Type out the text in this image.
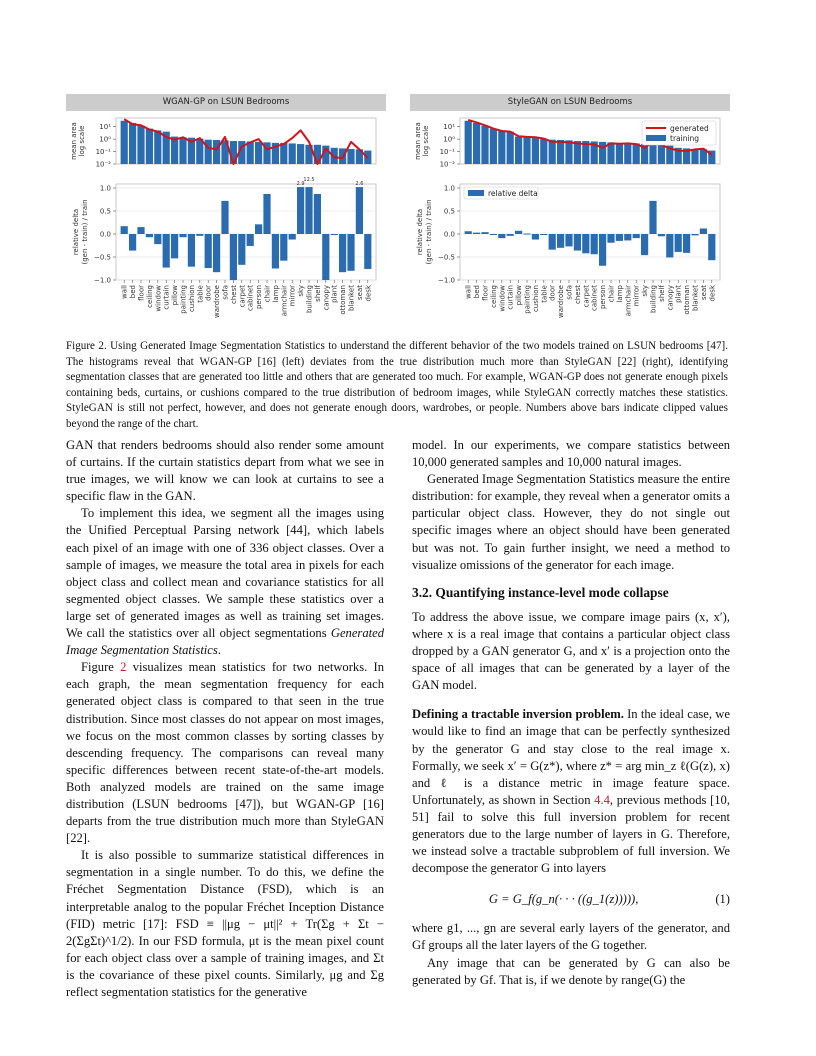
WGAN-GP on LSUN Bedrooms
10¹
10⁰
10⁻¹
10⁻²
mean area log scale
1.0
0.5
0.0
−0.5
−1.0
relative delta (gen - train) / train
2.9
12.5
2.6
wall bed floor ceiling window curtain pillow painting cushion table door wardrobe sofa chest carpet cabinet person chair lamp armchair mirror sky building shelf canopy plant ottoman blanket seat desk
StyleGAN on LSUN Bedrooms
10¹
10⁰
10⁻¹
10⁻²
mean area log scale	generated
training
1.0
0.5
0.0
−0.5
−1.0
relative delta (gen - train) / train
relative delta
wall bed floor ceiling window curtain pillow painting cushion table door wardrobe sofa chest carpet cabinet person chair lamp armchair mirror sky building shelf canopy plant ottoman blanket seat desk
Figure 2. Using Generated Image Segmentation Statistics to understand the different behavior of the two models trained on LSUN bedrooms [47]. The histograms reveal that WGAN-GP [16] (left) deviates from the true distribution much more than StyleGAN [22] (right), identifying segmentation classes that are generated too little and others that are generated too much. For example, WGAN-GP does not generate enough pixels containing beds, curtains, or cushions compared to the true distribution of bedroom images, while StyleGAN correctly matches these statistics. StyleGAN is still not perfect, however, and does not generate enough doors, wardrobes, or people. Numbers above bars indicate clipped values beyond the range of the chart.

GAN that renders bedrooms should also render some amount of curtains. If the curtain statistics depart from what we see in true images, we will know we can look at curtains to see a specific flaw in the GAN.

To implement this idea, we segment all the images using the Unified Perceptual Parsing network [44], which labels each pixel of an image with one of 336 object classes. Over a sample of images, we measure the total area in pixels for each object class and collect mean and covariance statistics for all segmented object classes. We sample these statistics over a large set of generated images as well as training set images. We call the statistics over all object segmentations Generated Image Segmentation Statistics.

Figure 2 visualizes mean statistics for two networks. In each graph, the mean segmentation frequency for each generated object class is compared to that seen in the true distribution. Since most classes do not appear on most images, we focus on the most common classes by sorting classes by descending frequency. The comparisons can reveal many specific differences between recent state-of-the-art models. Both analyzed models are trained on the same image distribution (LSUN bedrooms [47]), but WGAN-GP [16] departs from the true distribution much more than StyleGAN [22].

It is also possible to summarize statistical differences in segmentation in a single number. To do this, we define the Fréchet Segmentation Distance (FSD), which is an interpretable analog to the popular Fréchet Inception Distance (FID) metric [17]: FSD ≡ ||μg − μt||² + Tr(Σg + Σt − 2(ΣgΣt)^1/2). In our FSD formula, μt is the mean pixel count for each object class over a sample of training images, and Σt is the covariance of these pixel counts. Similarly, μg and Σg reflect segmentation statistics for the generative

model. In our experiments, we compare statistics between 10,000 generated samples and 10,000 natural images.

Generated Image Segmentation Statistics measure the entire distribution: for example, they reveal when a generator omits a particular object class. However, they do not single out specific images where an object should have been generated but was not. To gain further insight, we need a method to visualize omissions of the generator for each image.

3.2. Quantifying instance-level mode collapse

To address the above issue, we compare image pairs (x, x′), where x is a real image that contains a particular object class dropped by a GAN generator G, and x′ is a projection onto the space of all images that can be generated by a layer of the GAN model.

Defining a tractable inversion problem. In the ideal case, we would like to find an image that can be perfectly synthesized by the generator G and stay close to the real image x. Formally, we seek x′ = G(z*), where z* = arg min_z ℓ(G(z), x) and ℓ is a distance metric in image feature space. Unfortunately, as shown in Section 4.4, previous methods [10, 51] fail to solve this full inversion problem for recent generators due to the large number of layers in G. Therefore, we instead solve a tractable subproblem of full inversion. We decompose the generator G into layers

G = G_f(g_n(· · · ((g_1(z))))),	(1)

where g1, ..., gn are several early layers of the generator, and Gf groups all the later layers of the G together.

Any image that can be generated by G can also be generated by Gf. That is, if we denote by range(G) the
